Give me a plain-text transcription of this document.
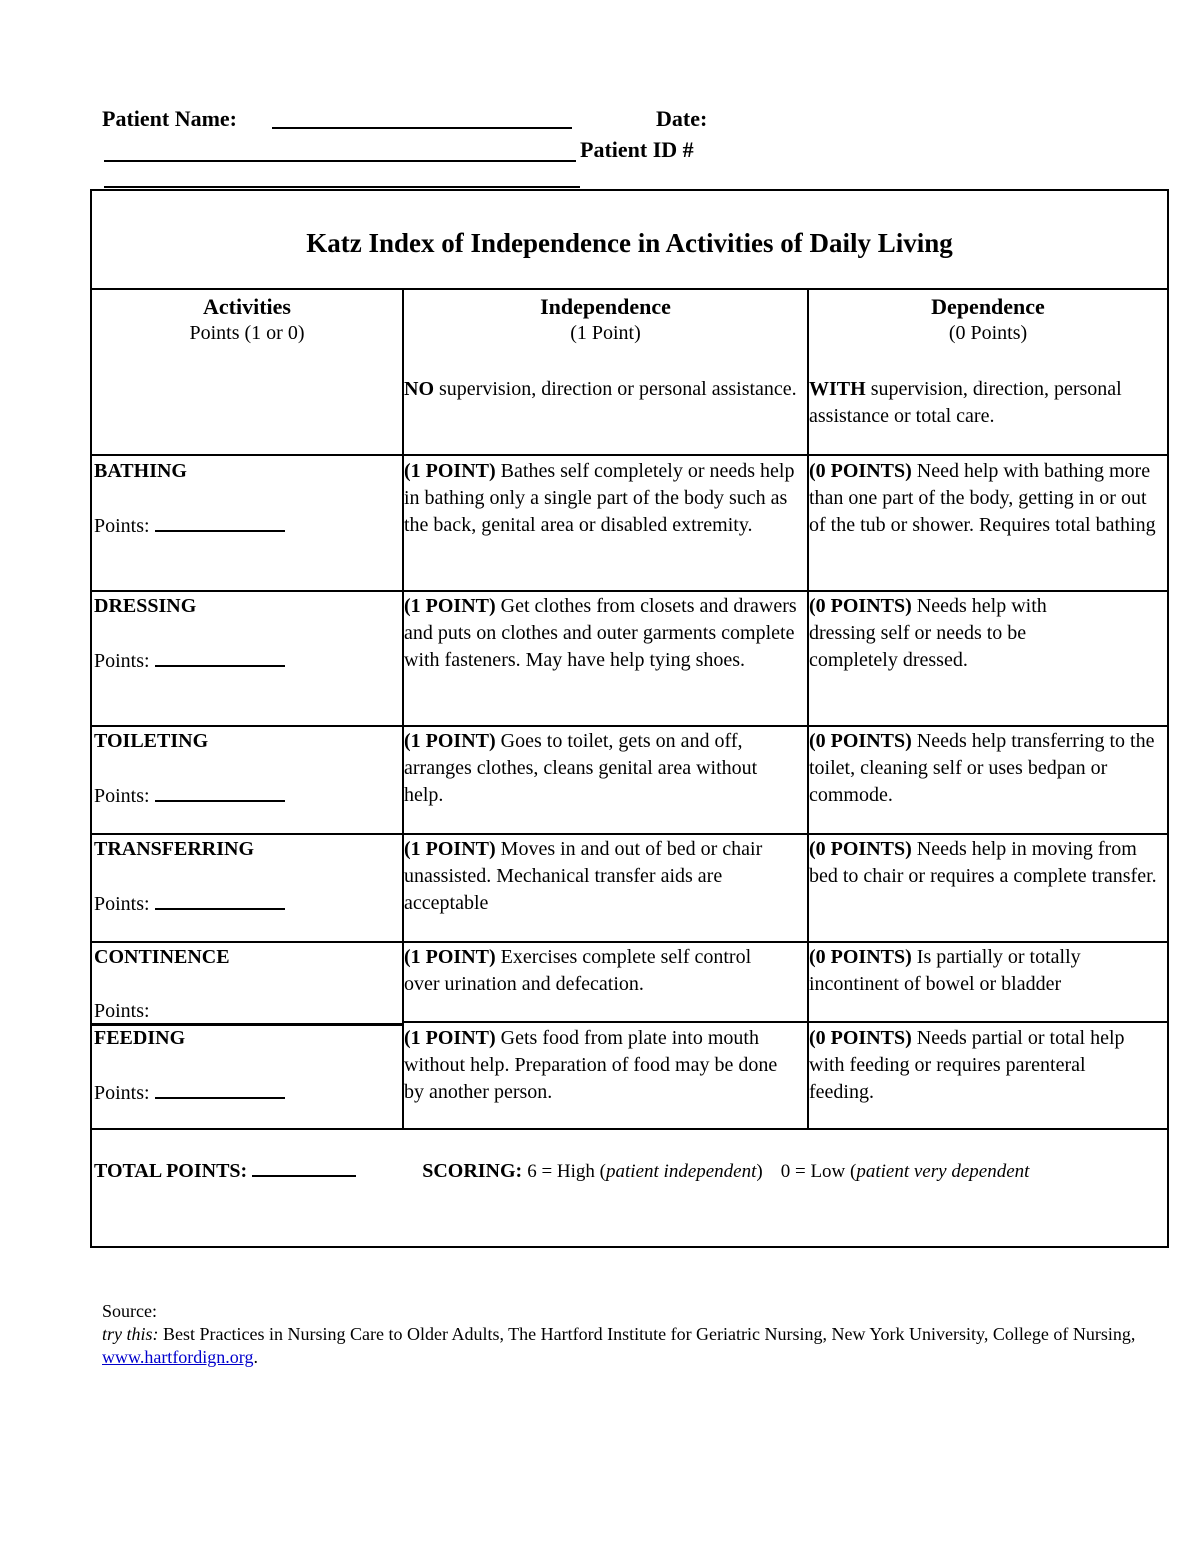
Patient Name:	Date:
Patient ID #
Katz Index of Independence in Activities of Daily Living
Activities
Points (1 or 0)
Independence
(1 Point)
Dependence
(0 Points)
NO supervision, direction or personal assistance. WITH supervision, direction, personal assistance or total care.
BATHING
Points:
(1 POINT) Bathes self completely or needs help in bathing only a single part of the body such as the back, genital area or disabled extremity.
(0 POINTS) Need help with bathing more than one part of the body, getting in or out of the tub or shower. Requires total bathing
DRESSING
Points:
(1 POINT) Get clothes from closets and drawers and puts on clothes and outer garments complete with fasteners. May have help tying shoes.
(0 POINTS) Needs help with dressing self or needs to be completely dressed.
TOILETING
Points:
(1 POINT) Goes to toilet, gets on and off, arranges clothes, cleans genital area without help.
(0 POINTS) Needs help transferring to the toilet, cleaning self or uses bedpan or commode.
TRANSFERRING
Points:
(1 POINT) Moves in and out of bed or chair unassisted. Mechanical transfer aids are acceptable
(0 POINTS) Needs help in moving from bed to chair or requires a complete transfer.
CONTINENCE
Points:
(1 POINT) Exercises complete self control over urination and defecation.
(0 POINTS) Is partially or totally incontinent of bowel or bladder
FEEDING
Points:
(1 POINT) Gets food from plate into mouth without help. Preparation of food may be done by another person.
(0 POINTS) Needs partial or total help with feeding or requires parenteral feeding.
TOTAL POINTS:	SCORING: 6 = High (patient independent) 0 = Low (patient very dependent
Source:
try this: Best Practices in Nursing Care to Older Adults, The Hartford Institute for Geriatric Nursing, New York University, College of Nursing, www.hartfordign.org.
